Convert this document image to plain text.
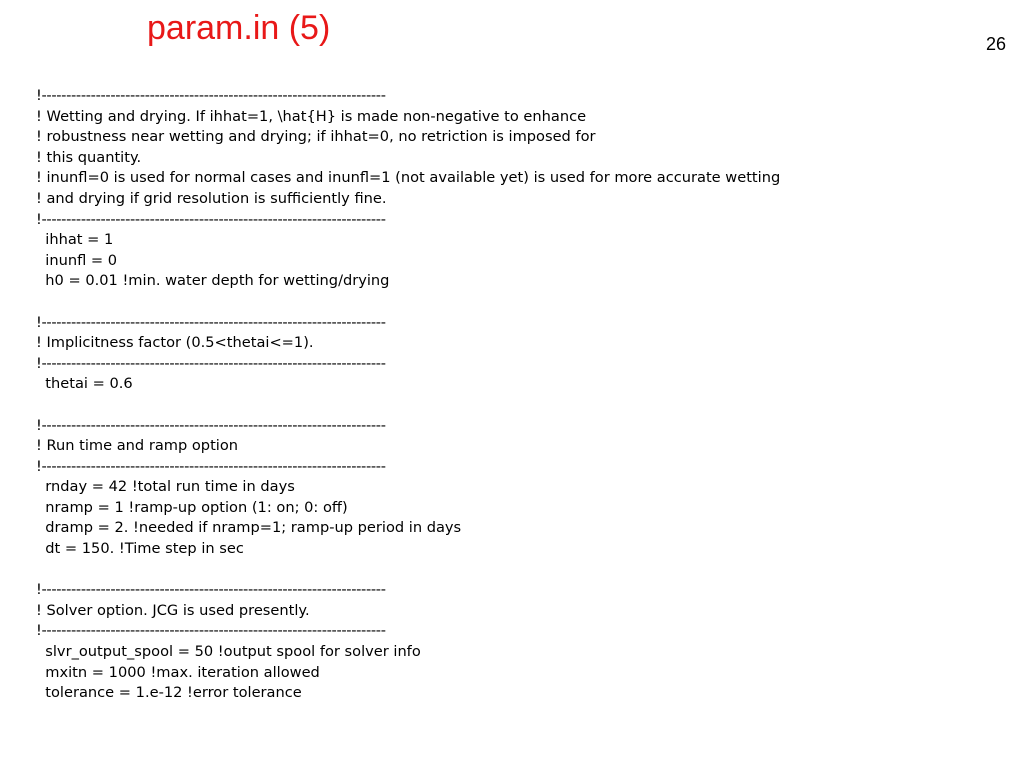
param.in (5)	26
!----------------------------------------------------------------------
! Wetting and drying. If ihhat=1, \hat{H} is made non-negative to enhance
! robustness near wetting and drying; if ihhat=0, no retriction is imposed for
! this quantity.
! inunfl=0 is used for normal cases and inunfl=1 (not available yet) is used for more accurate wetting
! and drying if grid resolution is sufficiently fine.
!----------------------------------------------------------------------
ihhat = 1
inunfl = 0
h0 = 0.01 !min. water depth for wetting/drying
!----------------------------------------------------------------------
! Implicitness factor (0.5<thetai<=1).
!----------------------------------------------------------------------
thetai = 0.6
!----------------------------------------------------------------------
! Run time and ramp option
!----------------------------------------------------------------------
rnday = 42 !total run time in days
nramp = 1 !ramp-up option (1: on; 0: off)
dramp = 2. !needed if nramp=1; ramp-up period in days
dt = 150. !Time step in sec
!----------------------------------------------------------------------
! Solver option. JCG is used presently.
!----------------------------------------------------------------------
slvr_output_spool = 50 !output spool for solver info
mxitn = 1000 !max. iteration allowed
tolerance = 1.e-12 !error tolerance
